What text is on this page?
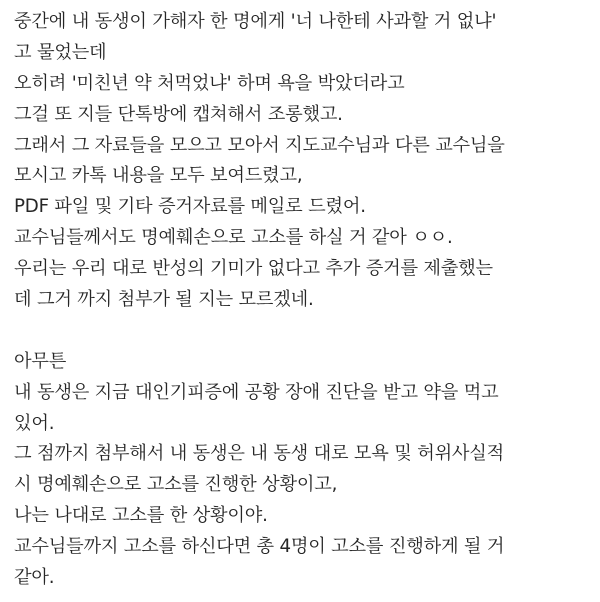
중간에 내 동생이 가해자 한 명에게 '너 나한테 사과할 거 없냐'
고 물었는데
오히려 '미친년 약 처먹었냐' 하며 욕을 박았더라고
그걸 또 지들 단톡방에 캡쳐해서 조롱했고.
그래서 그 자료들을 모으고 모아서 지도교수님과 다른 교수님을
모시고 카톡 내용을 모두 보여드렸고,
PDF 파일 및 기타 증거자료를 메일로 드렸어.
교수님들께서도 명예훼손으로 고소를 하실 거 같아 ㅇㅇ.
우리는 우리 대로 반성의 기미가 없다고 추가 증거를 제출했는
데 그거 까지 첨부가 될 지는 모르겠네.
아무튼
내 동생은 지금 대인기피증에 공황 장애 진단을 받고 약을 먹고
있어.
그 점까지 첨부해서 내 동생은 내 동생 대로 모욕 및 허위사실적
시 명예훼손으로 고소를 진행한 상황이고,
나는 나대로 고소를 한 상황이야.
교수님들까지 고소를 하신다면 총 4명이 고소를 진행하게 될 거
같아.
